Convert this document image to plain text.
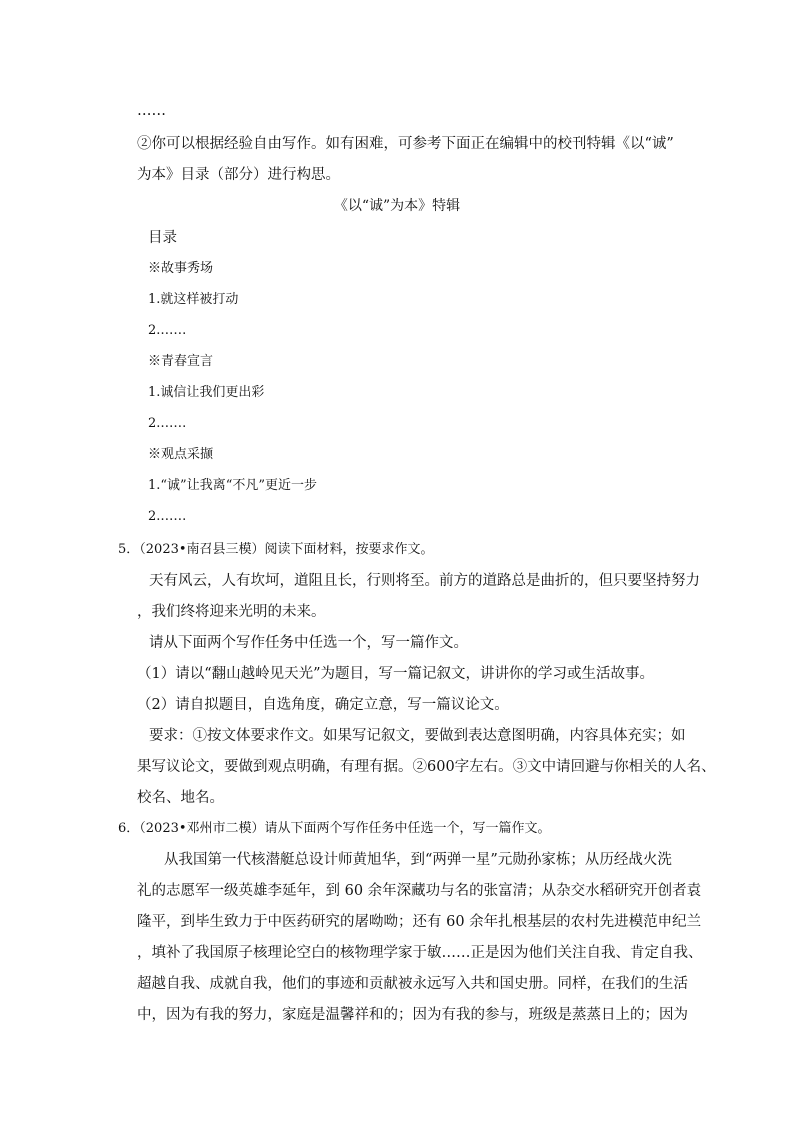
……
②你可以根据经验自由写作。如有困难，可参考下面正在编辑中的校刊特辑《以“诚”
为本》目录（部分）进行构思。
《以“诚”为本》特辑
目录
※故事秀场
1.就这样被打动
2.……
※青春宣言
1.诚信让我们更出彩
2.……
※观点采撷
1.“诚”让我离“不凡”更近一步
2.……
5．（2023•南召县三模）阅读下面材料，按要求作文。
天有风云，人有坎坷，道阻且长，行则将至。前方的道路总是曲折的，但只要坚持努力
，我们终将迎来光明的未来。
请从下面两个写作任务中任选一个，写一篇作文。
（1）请以“翻山越岭见天光”为题目，写一篇记叙文，讲讲你的学习或生活故事。
（2）请自拟题目，自选角度，确定立意，写一篇议论文。
要求：①按文体要求作文。如果写记叙文，要做到表达意图明确，内容具体充实；如
果写议论文，要做到观点明确，有理有据。②600字左右。③文中请回避与你相关的人名、
校名、地名。
6．（2023•邓州市二模）请从下面两个写作任务中任选一个，写一篇作文。
从我国第一代核潜艇总设计师黄旭华，到“两弹一星”元勋孙家栋；从历经战火洗
礼的志愿军一级英雄李延年，到 60 余年深藏功与名的张富清；从杂交水稻研究开创者袁
隆平，到毕生致力于中医药研究的屠呦呦；还有 60 余年扎根基层的农村先进模范申纪兰
，填补了我国原子核理论空白的核物理学家于敏……正是因为他们关注自我、肯定自我、
超越自我、成就自我，他们的事迹和贡献被永远写入共和国史册。同样，在我们的生活
中，因为有我的努力，家庭是温馨祥和的；因为有我的参与，班级是蒸蒸日上的；因为
